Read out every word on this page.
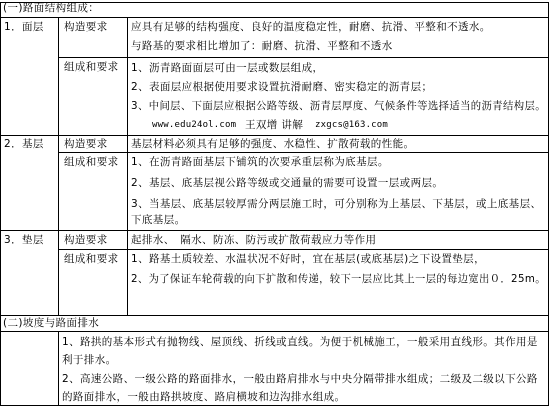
(一)路面结构组成：
1．面层 构造要求 应具有足够的结构强度、良好的温度稳定性，耐磨、抗滑、平整和不透水。
与路基的要求相比增加了：耐磨、抗滑、平整和不透水
组成和要求 1、沥青路面面层可由一层或数层组成，
2、表面层应根据使用要求设置抗滑耐磨、密实稳定的沥青层；
3、中间层、下面层应根据公路等级、沥青层厚度、气候条件等选择适当的沥青结构层。
www.edu24ol.com 王双增 讲解 zxgcs@163.com
2．基层 构造要求 基层材料必须具有足够的强度、水稳性、扩散荷载的性能。
组成和要求 1、在沥青路面基层下铺筑的次要承重层称为底基层。
2、基层、底基层视公路等级或交通量的需要可设置一层或两层。
3、当基层、底基层较厚需分两层施工时，可分别称为上基层、下基层，或上底基层、
下底基层。
3．垫层 构造要求 起排水、　隔水、防冻、防污或扩散荷载应力等作用
组成和要求 1、路基土质较差、水温状况不好时，宜在基层(或底基层)之下设置垫层，
2、为了保证车轮荷载的向下扩散和传递，较下一层应比其上一层的每边宽出０．25m。
(二)坡度与路面排水
1、路拱的基本形式有抛物线、屋顶线、折线或直线。为便于机械施工，一般采用直线形。其作用是
利于排水。
2、高速公路、一级公路的路面排水，一般由路肩排水与中央分隔带排水组成；二级及二级以下公路
的路面排水，一般由路拱坡度、路肩横坡和边沟排水组成。
